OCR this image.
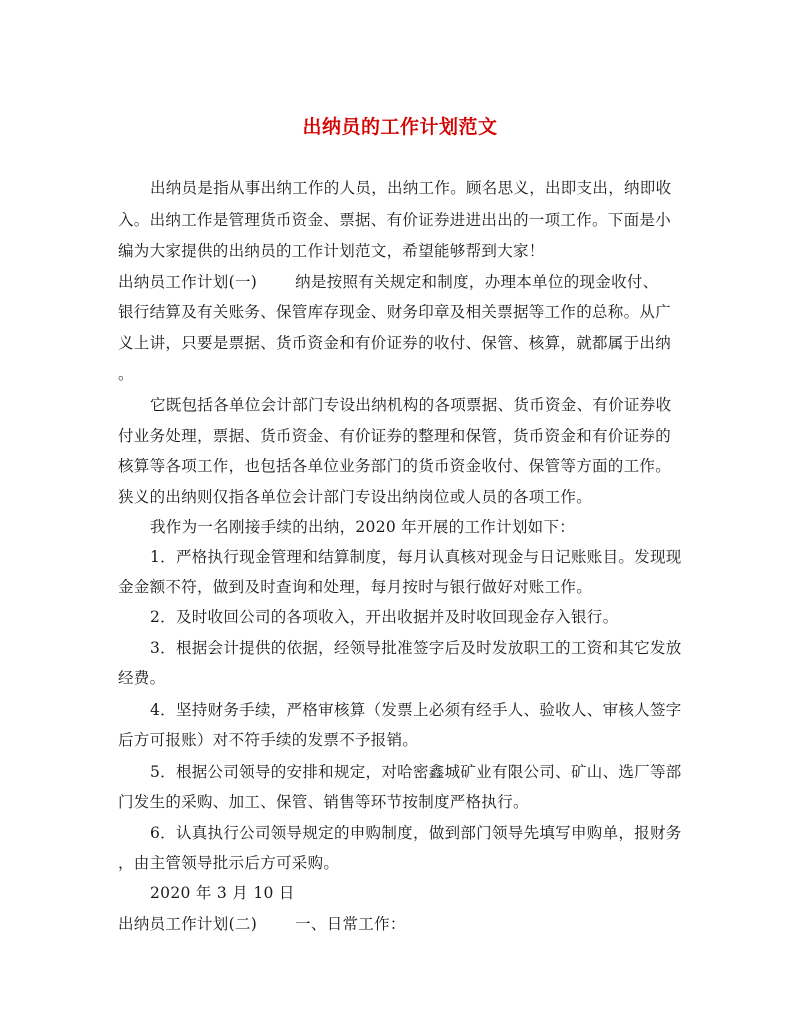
出纳员的工作计划范文
出纳员是指从事出纳工作的人员，出纳工作。顾名思义，出即支出，纳即收
入。出纳工作是管理货币资金、票据、有价证券进进出出的一项工作。下面是小
编为大家提供的出纳员的工作计划范文，希望能够帮到大家！
出纳员工作计划(一) 纳是按照有关规定和制度，办理本单位的现金收付、
银行结算及有关账务、保管库存现金、财务印章及相关票据等工作的总称。从广
义上讲，只要是票据、货币资金和有价证券的收付、保管、核算，就都属于出纳
。
它既包括各单位会计部门专设出纳机构的各项票据、货币资金、有价证券收
付业务处理，票据、货币资金、有价证券的整理和保管，货币资金和有价证券的
核算等各项工作，也包括各单位业务部门的货币资金收付、保管等方面的工作。
狭义的出纳则仅指各单位会计部门专设出纳岗位或人员的各项工作。
我作为一名刚接手续的出纳，2020 年开展的工作计划如下：
1．严格执行现金管理和结算制度，每月认真核对现金与日记账账目。发现现
金金额不符，做到及时查询和处理，每月按时与银行做好对账工作。
2．及时收回公司的各项收入，开出收据并及时收回现金存入银行。
3．根据会计提供的依据，经领导批准签字后及时发放职工的工资和其它发放
经费。
4．坚持财务手续，严格审核算（发票上必须有经手人、验收人、审核人签字
后方可报账）对不符手续的发票不予报销。
5．根据公司领导的安排和规定，对哈密鑫城矿业有限公司、矿山、选厂等部
门发生的采购、加工、保管、销售等环节按制度严格执行。
6．认真执行公司领导规定的申购制度，做到部门领导先填写申购单，报财务
，由主管领导批示后方可采购。
2020 年 3 月 10 日
出纳员工作计划(二) 一、日常工作：
